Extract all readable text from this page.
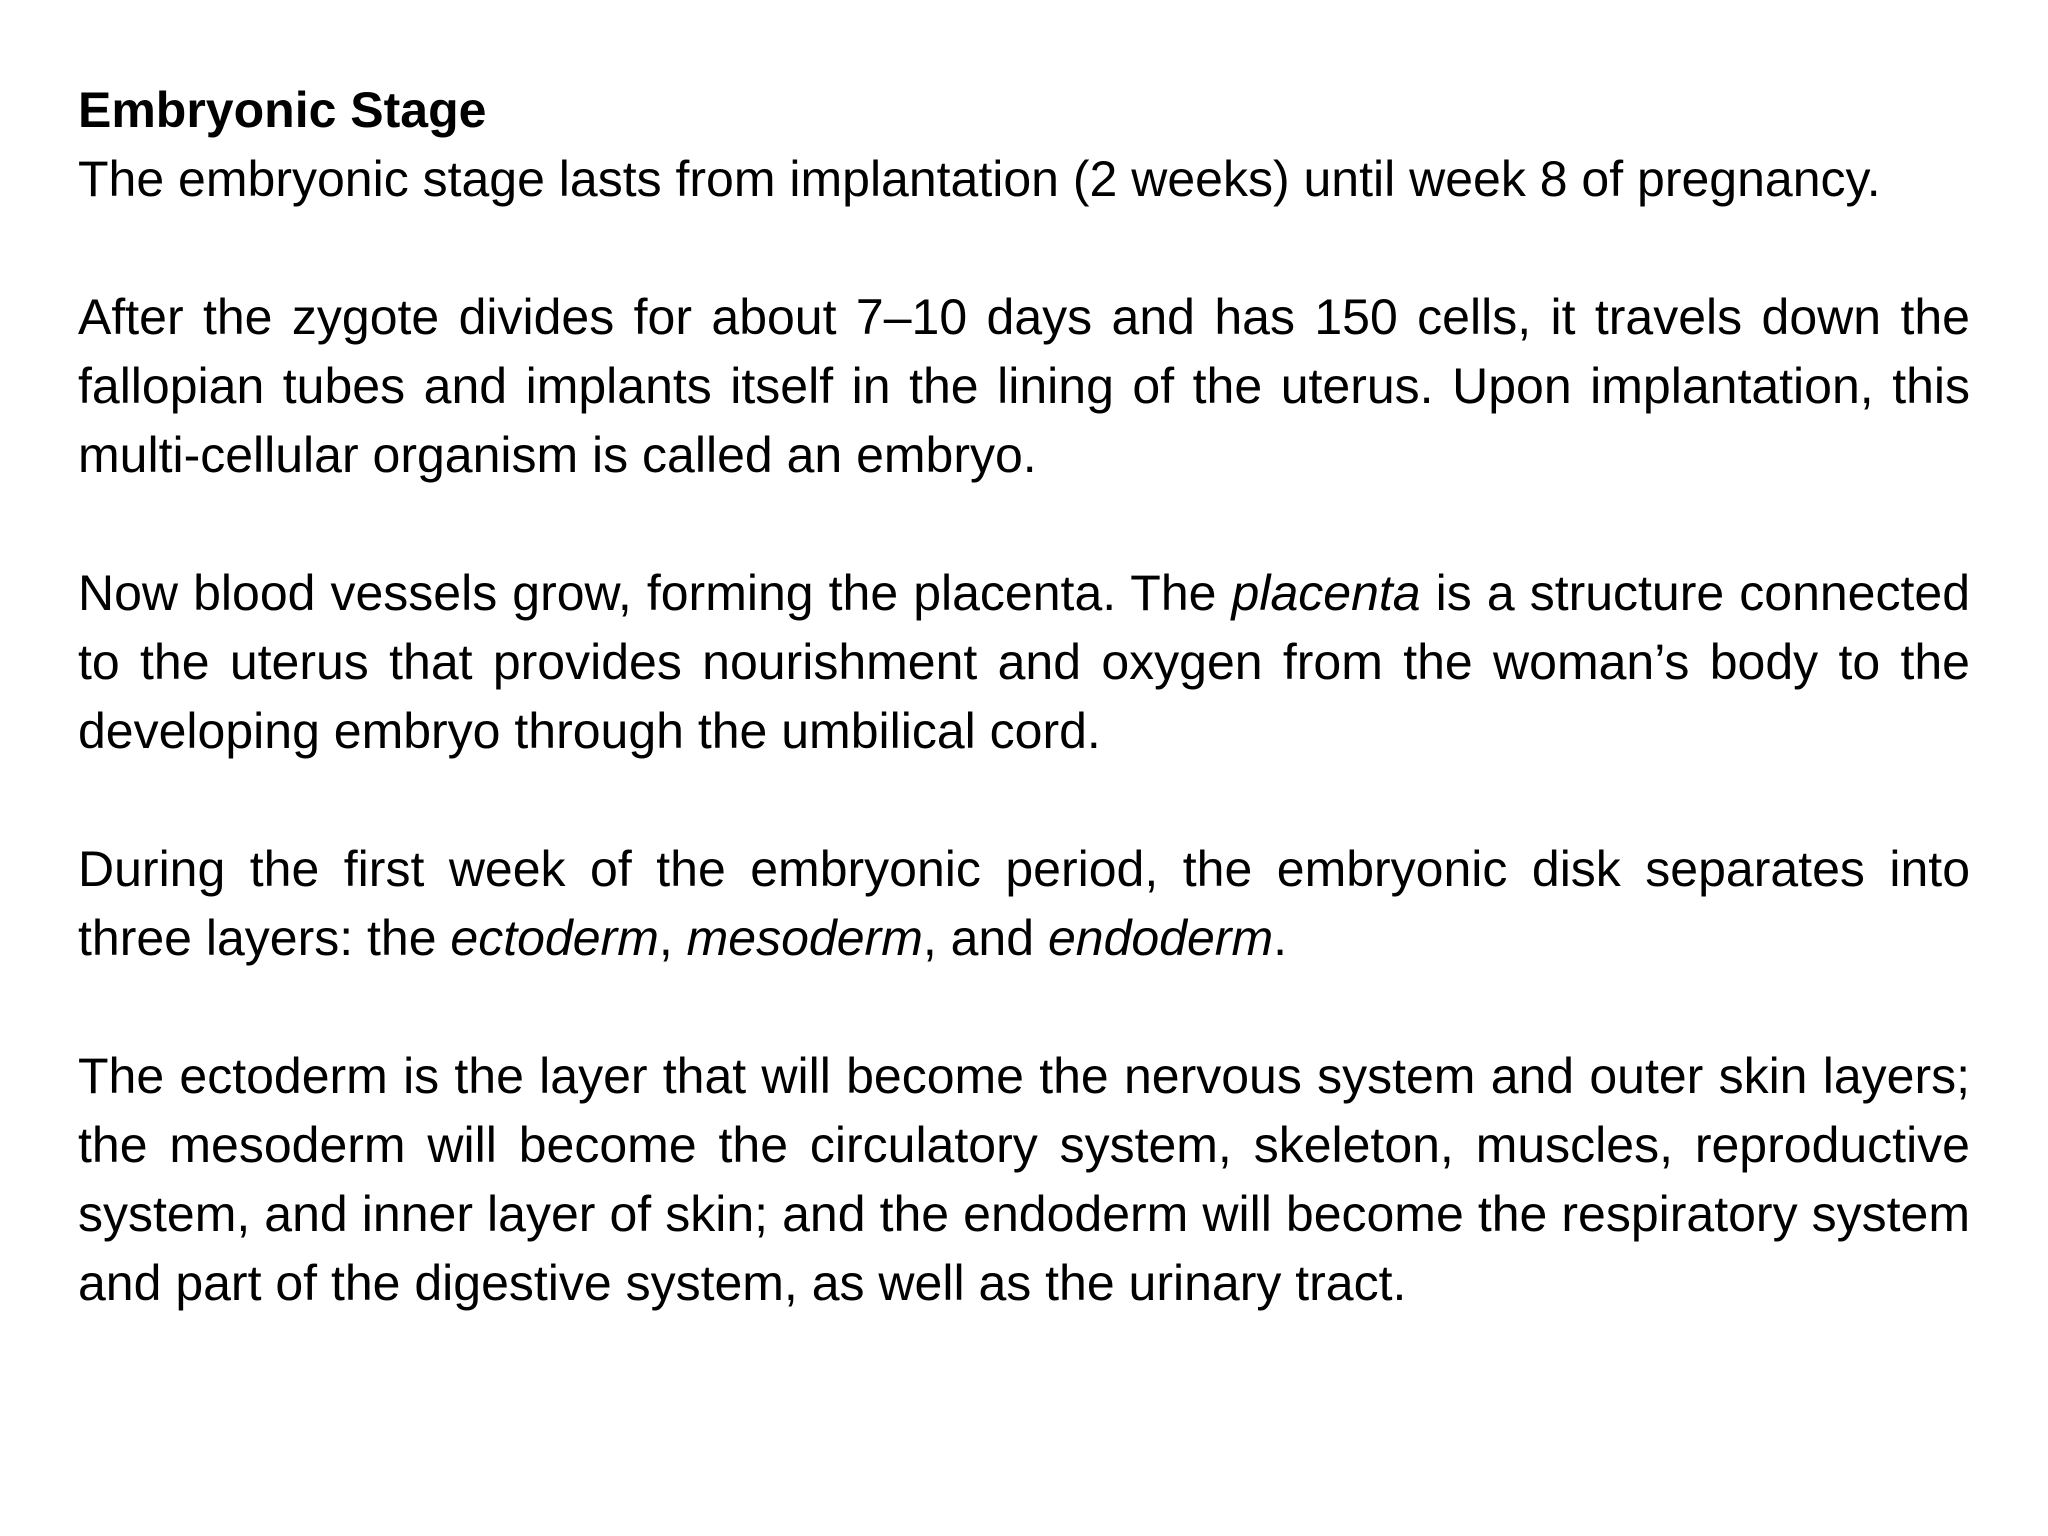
Embryonic Stage

The embryonic stage lasts from implantation (2 weeks) until week 8 of pregnancy.

After the zygote divides for about 7–10 days and has 150 cells, it travels down the fallopian tubes and implants itself in the lining of the uterus. Upon implantation, this multi-cellular organism is called an embryo.

Now blood vessels grow, forming the placenta. The placenta is a structure connected to the uterus that provides nourishment and oxygen from the woman’s body to the developing embryo through the umbilical cord.

During the first week of the embryonic period, the embryonic disk separates into three layers: the ectoderm, mesoderm, and endoderm.

The ectoderm is the layer that will become the nervous system and outer skin layers; the mesoderm will become the circulatory system, skeleton, muscles, reproductive system, and inner layer of skin; and the endoderm will become the respiratory system and part of the digestive system, as well as the urinary tract.
